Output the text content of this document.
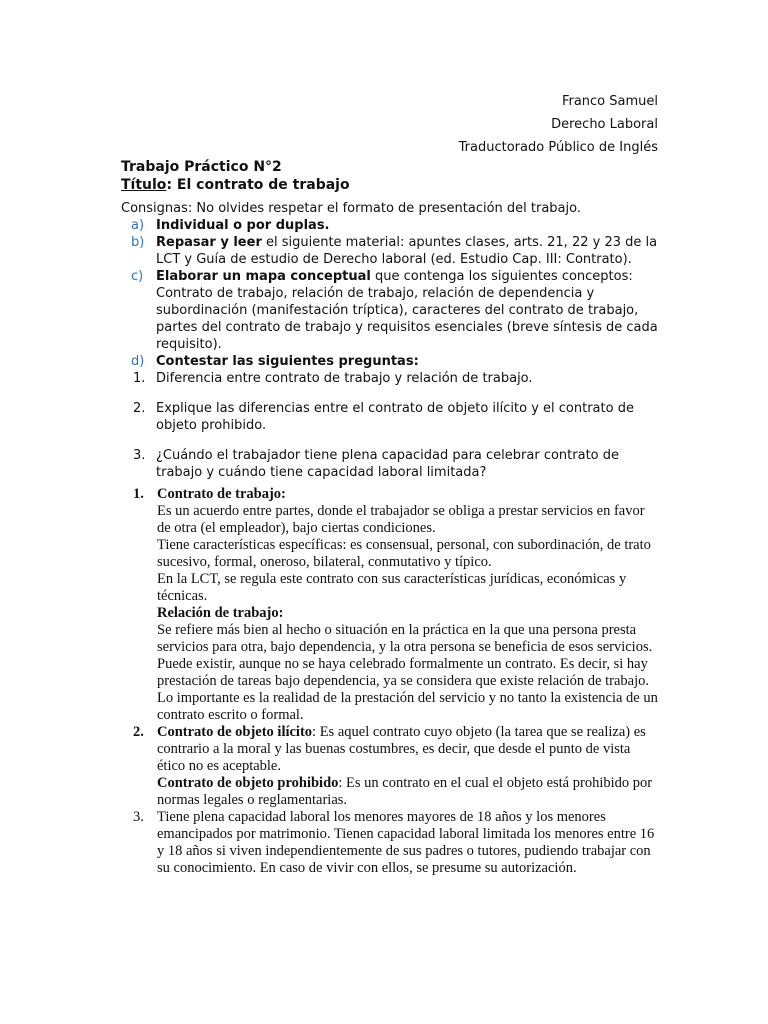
Franco Samuel
Derecho Laboral
Traductorado Público de Inglés
Trabajo Práctico N°2
Título: El contrato de trabajo
Consignas: No olvides respetar el formato de presentación del trabajo.
a) Individual o por duplas.
b) Repasar y leer el siguiente material: apuntes clases, arts. 21, 22 y 23 de la LCT y Guía de estudio de Derecho laboral (ed. Estudio Cap. III: Contrato).
c) Elaborar un mapa conceptual que contenga los siguientes conceptos: Contrato de trabajo, relación de trabajo, relación de dependencia y subordinación (manifestación tríptica), caracteres del contrato de trabajo, partes del contrato de trabajo y requisitos esenciales (breve síntesis de cada requisito).
d) Contestar las siguientes preguntas:
1. Diferencia entre contrato de trabajo y relación de trabajo.
2. Explique las diferencias entre el contrato de objeto ilícito y el contrato de objeto prohibido.
3. ¿Cuándo el trabajador tiene plena capacidad para celebrar contrato de trabajo y cuándo tiene capacidad laboral limitada?
1. Contrato de trabajo:
Es un acuerdo entre partes, donde el trabajador se obliga a prestar servicios en favor de otra (el empleador), bajo ciertas condiciones.
Tiene características específicas: es consensual, personal, con subordinación, de trato sucesivo, formal, oneroso, bilateral, conmutativo y típico.
En la LCT, se regula este contrato con sus características jurídicas, económicas y técnicas.
Relación de trabajo:
Se refiere más bien al hecho o situación en la práctica en la que una persona presta servicios para otra, bajo dependencia, y la otra persona se beneficia de esos servicios.
Puede existir, aunque no se haya celebrado formalmente un contrato. Es decir, si hay prestación de tareas bajo dependencia, ya se considera que existe relación de trabajo.
Lo importante es la realidad de la prestación del servicio y no tanto la existencia de un contrato escrito o formal.
2. Contrato de objeto ilícito: Es aquel contrato cuyo objeto (la tarea que se realiza) es contrario a la moral y las buenas costumbres, es decir, que desde el punto de vista ético no es aceptable.
Contrato de objeto prohibido: Es un contrato en el cual el objeto está prohibido por normas legales o reglamentarias.
3. Tiene plena capacidad laboral los menores mayores de 18 años y los menores emancipados por matrimonio. Tienen capacidad laboral limitada los menores entre 16 y 18 años si viven independientemente de sus padres o tutores, pudiendo trabajar con su conocimiento. En caso de vivir con ellos, se presume su autorización.
